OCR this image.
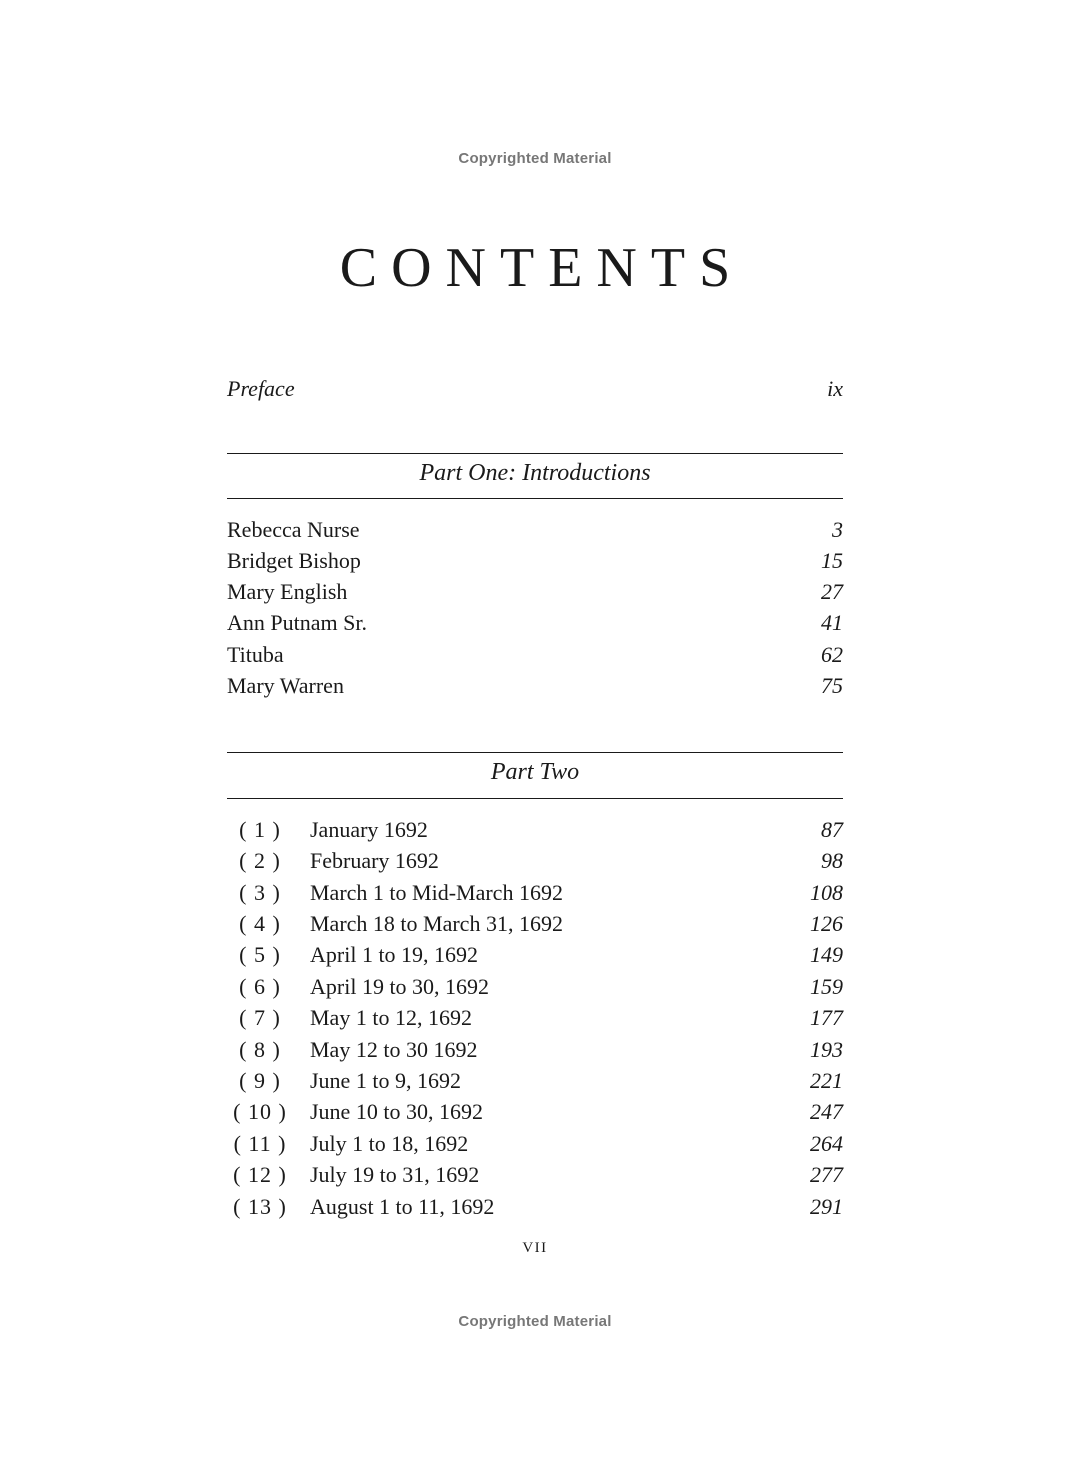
Copyrighted Material
CONTENTS
Preface	ix
Part One: Introductions
Rebecca Nurse	3
Bridget Bishop	15
Mary English	27
Ann Putnam Sr.	41
Tituba	62
Mary Warren	75
Part Two
( 1 )	January 1692	87
( 2 )	February 1692	98
( 3 )	March 1 to Mid-March 1692	108
( 4 )	March 18 to March 31, 1692	126
( 5 )	April 1 to 19, 1692	149
( 6 )	April 19 to 30, 1692	159
( 7 )	May 1 to 12, 1692	177
( 8 )	May 12 to 30 1692	193
( 9 )	June 1 to 9, 1692	221
( 10 ) June 10 to 30, 1692	247
( 11 ) July 1 to 18, 1692	264
( 12 ) July 19 to 31, 1692	277
( 13 ) August 1 to 11, 1692	291
VII
Copyrighted Material
